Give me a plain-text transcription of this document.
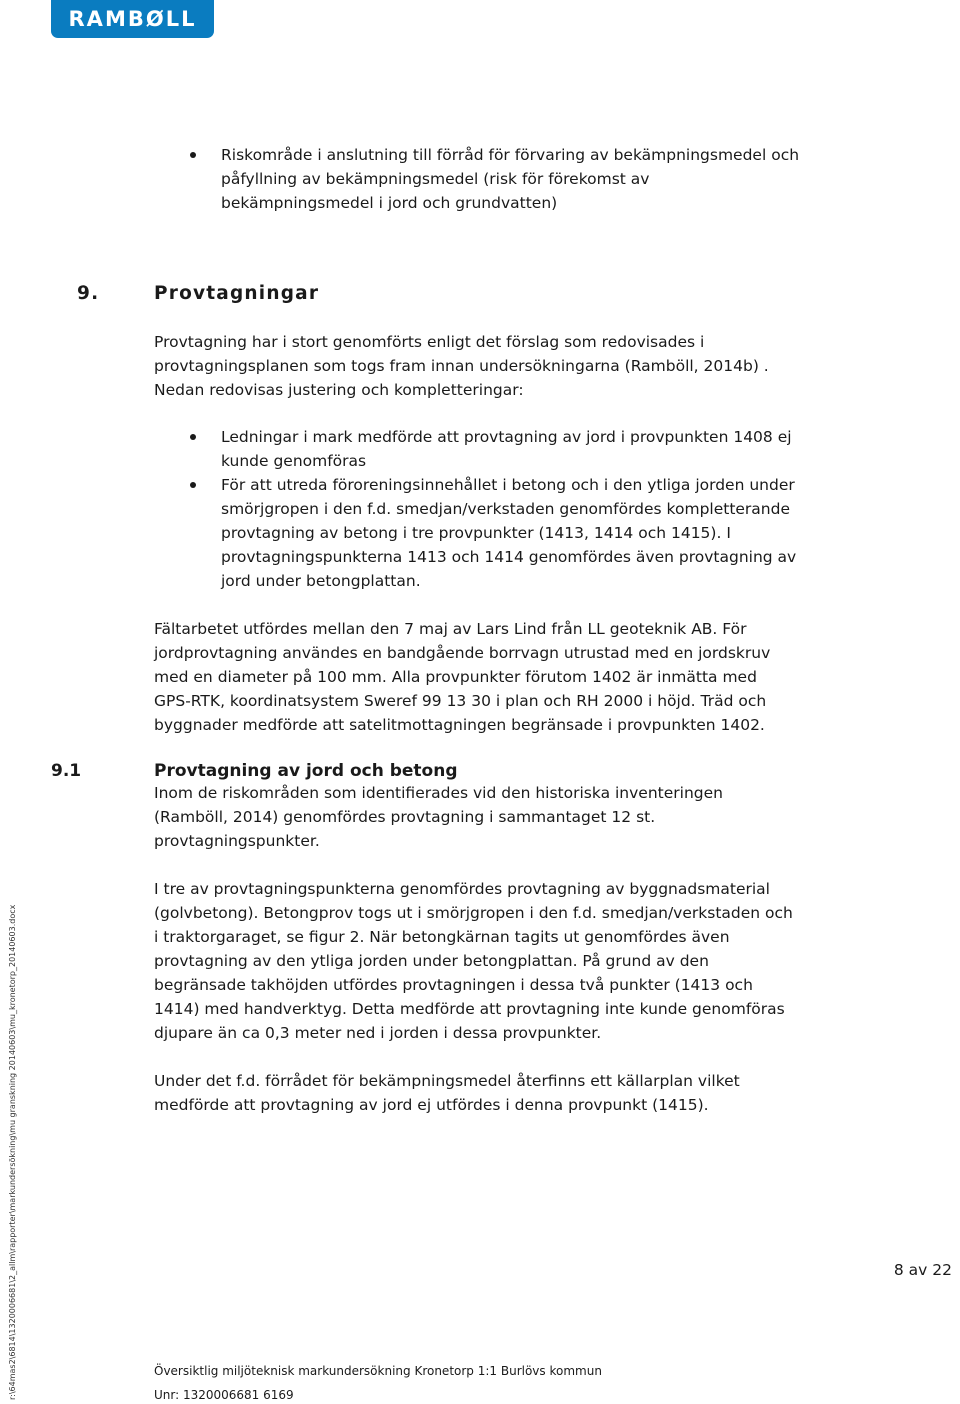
RAMBØLL

Riskområde i anslutning till förråd för förvaring av bekämpningsmedel och

påfyllning av bekämpningsmedel (risk för förekomst av

bekämpningsmedel i jord och grundvatten)

9.	Provtagningar

Provtagning har i stort genomförts enligt det förslag som redovisades i

provtagningsplanen som togs fram innan undersökningarna (Ramböll, 2014b) .

Nedan redovisas justering och kompletteringar:

Ledningar i mark medförde att provtagning av jord i provpunkten 1408 ej

kunde genomföras

För att utreda föroreningsinnehållet i betong och i den ytliga jorden under

smörjgropen i den f.d. smedjan/verkstaden genomfördes kompletterande

provtagning av betong i tre provpunkter (1413, 1414 och 1415). I

provtagningspunkterna 1413 och 1414 genomfördes även provtagning av

jord under betongplattan.

Fältarbetet utfördes mellan den 7 maj av Lars Lind från LL geoteknik AB. För

jordprovtagning användes en bandgående borrvagn utrustad med en jordskruv

med en diameter på 100 mm. Alla provpunkter förutom 1402 är inmätta med

GPS-RTK, koordinatsystem Sweref 99 13 30 i plan och RH 2000 i höjd. Träd och

byggnader medförde att satelitmottagningen begränsade i provpunkten 1402.

9.1	Provtagning av jord och betong

Inom de riskområden som identifierades vid den historiska inventeringen

(Ramböll, 2014) genomfördes provtagning i sammantaget 12 st.

provtagningspunkter.

I tre av provtagningspunkterna genomfördes provtagning av byggnadsmaterial

(golvbetong). Betongprov togs ut i smörjgropen i den f.d. smedjan/verkstaden och

i traktorgaraget, se figur 2. När betongkärnan tagits ut genomfördes även

provtagning av den ytliga jorden under betongplattan. På grund av den

begränsade takhöjden utfördes provtagningen i dessa två punkter (1413 och

1414) med handverktyg. Detta medförde att provtagning inte kunde genomföras

djupare än ca 0,3 meter ned i jorden i dessa provpunkter.

Under det f.d. förrådet för bekämpningsmedel återfinns ett källarplan vilket

medförde att provtagning av jord ej utfördes i denna provpunkt (1415).

8 av 22
Översiktlig miljöteknisk markundersökning Kronetorp 1:1 Burlövs kommun
Unr: 1320006681 6169
r:\64mas2\6814\1320006681\2_allm\rapporter\markundersökning\mu granskning 20140603\mu_kronetorp_20140603.docx
